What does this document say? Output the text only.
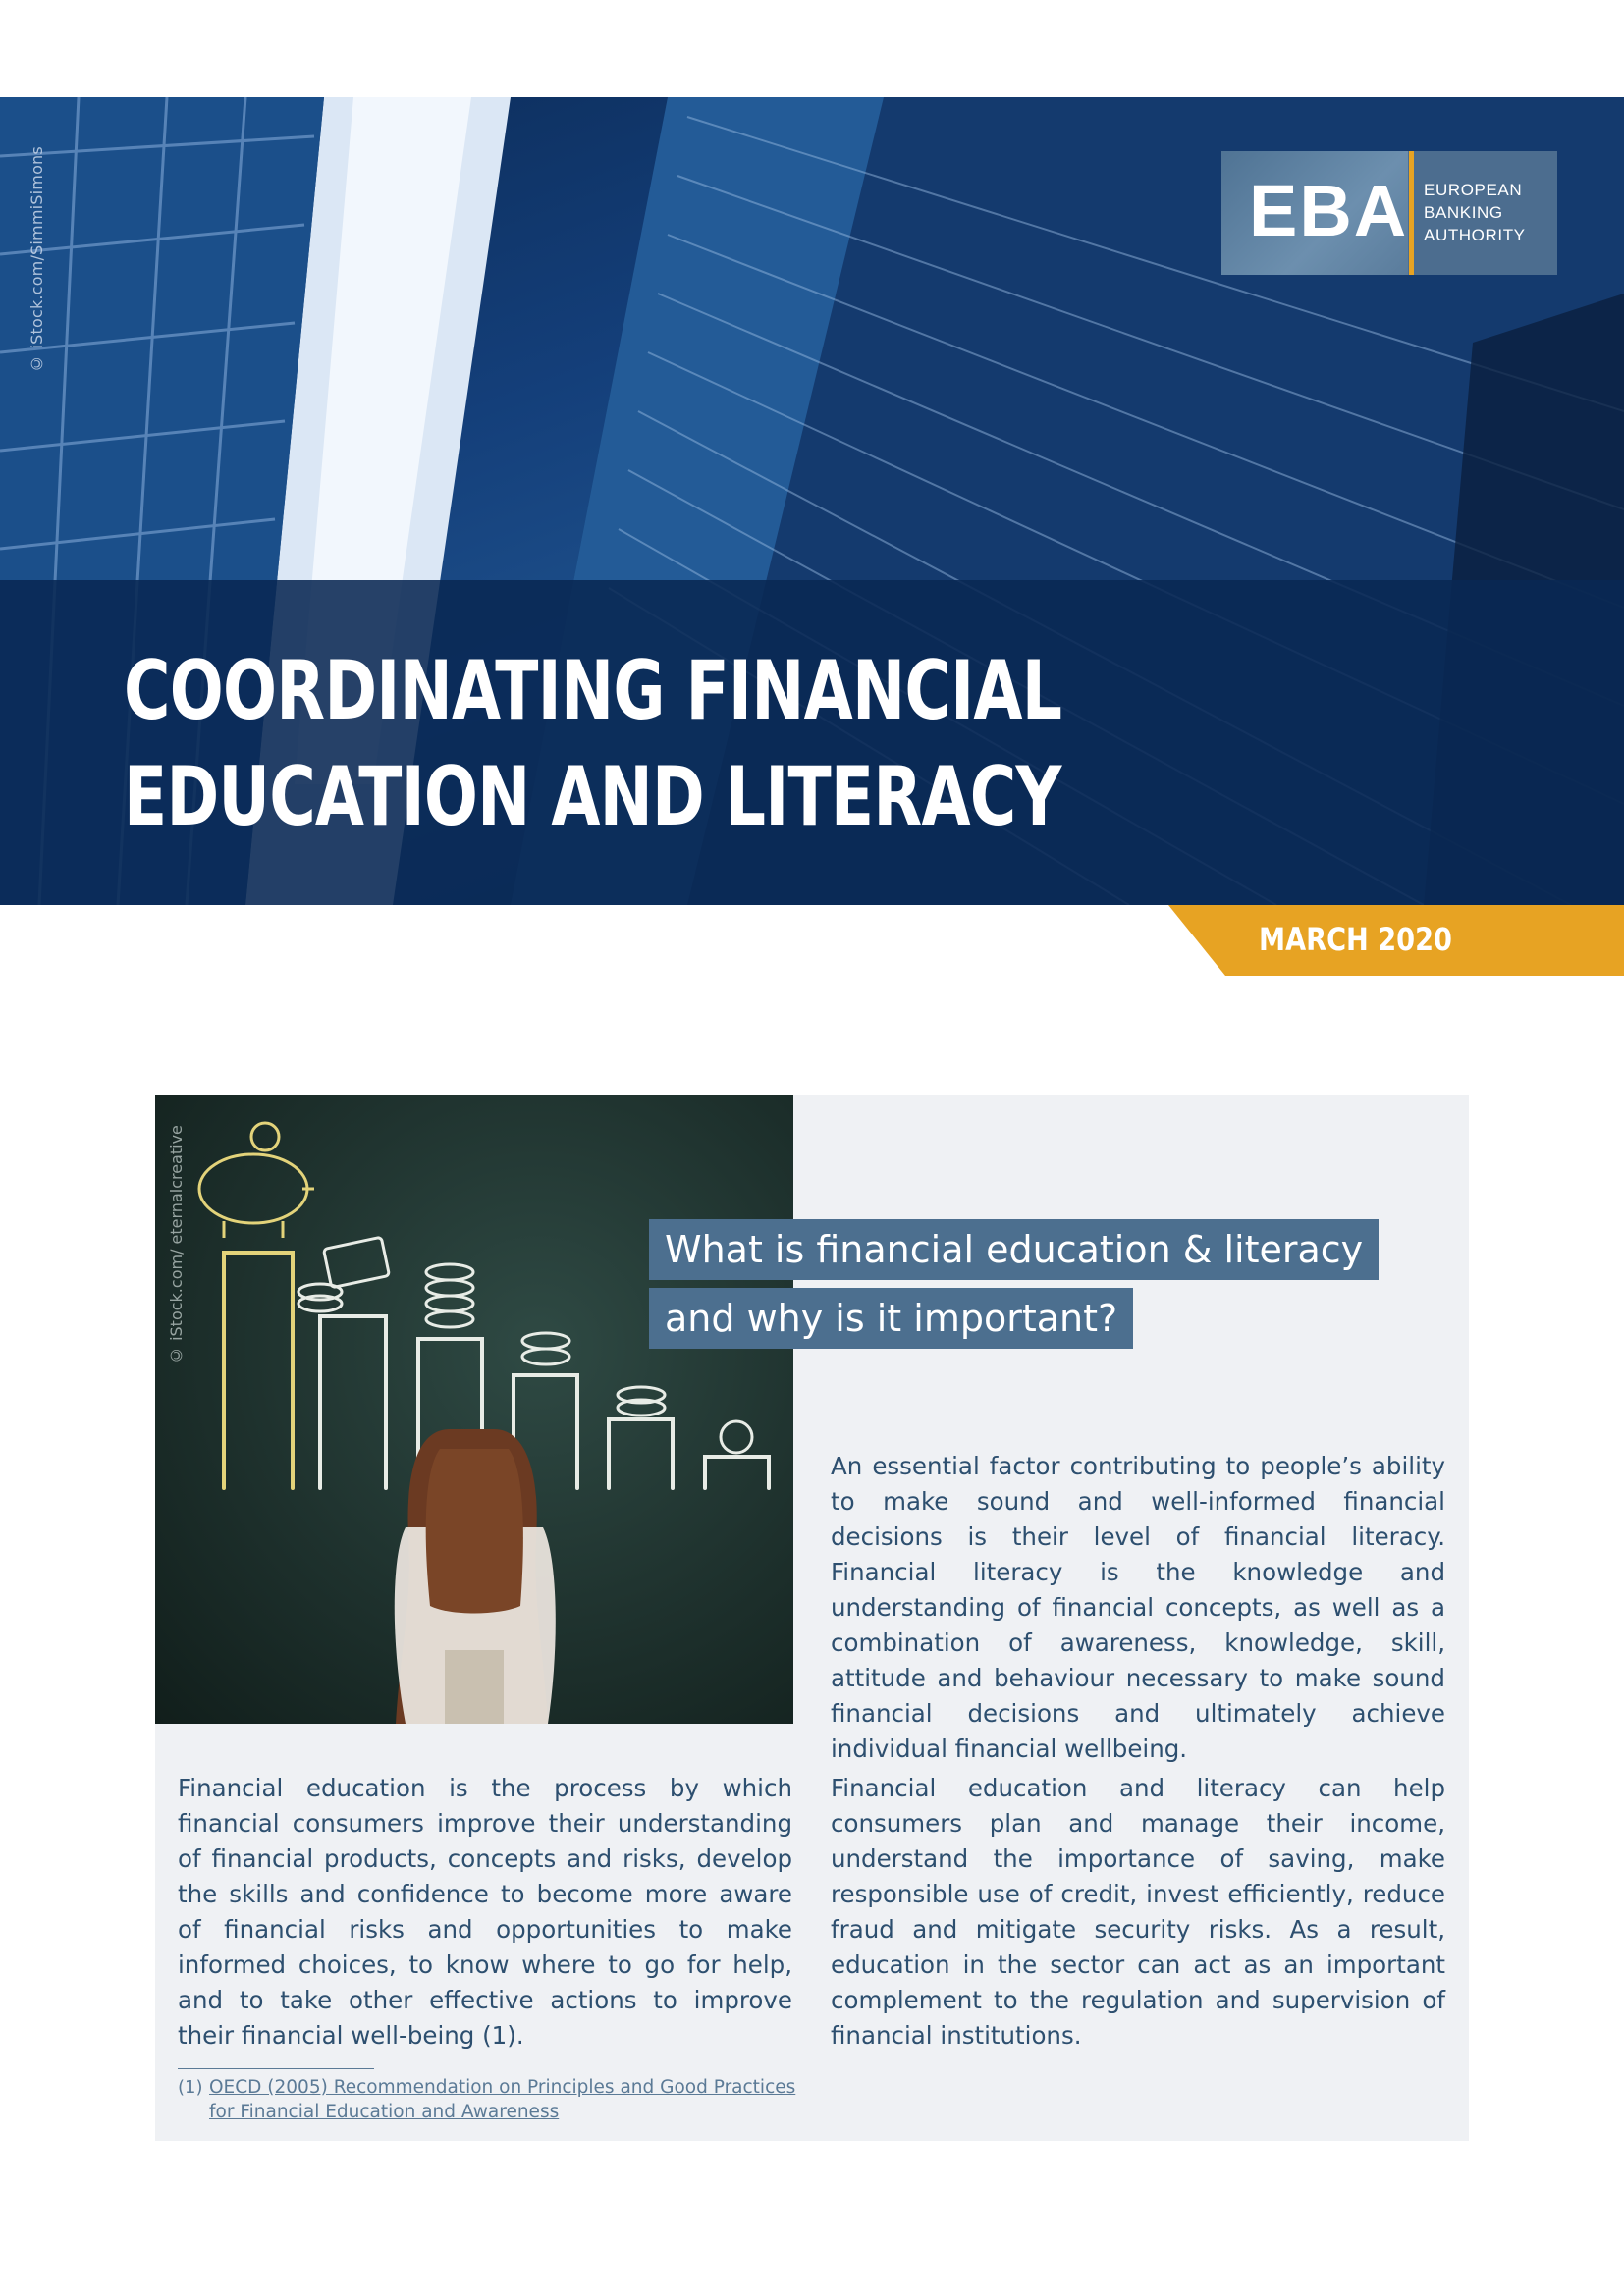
© iStock.com/SimmiSimons
COORDINATING FINANCIAL
EDUCATION AND LITERACY
EBA EUROPEAN
BANKING
AUTHORITY
MARCH 2020
© iStock.com/ eternalcreative	What is financial education & literacy
and why is it important?
An essential factor contributing to people’s ability to make sound and well-informed financial decisions is their level of financial literacy. Financial literacy is the knowledge and understanding of financial concepts, as well as a combination of awareness, knowledge, skill, attitude and behaviour necessary to make sound financial decisions and ultimately achieve individual financial wellbeing.
Financial education is the process by which financial consumers improve their understanding of financial products, concepts and risks, develop the skills and confidence to become more aware of financial risks and opportunities to make informed choices, to know where to go for help, and to take other effective actions to improve their financial well-being (1).
Financial education and literacy can help consumers plan and manage their income, understand the importance of saving, make responsible use of credit, invest efficiently, reduce fraud and mitigate security risks. As a result, education in the sector can act as an important complement to the regulation and supervision of financial institutions.
(1) OECD (2005) Recommendation on Principles and Good Practices
for Financial Education and Awareness
